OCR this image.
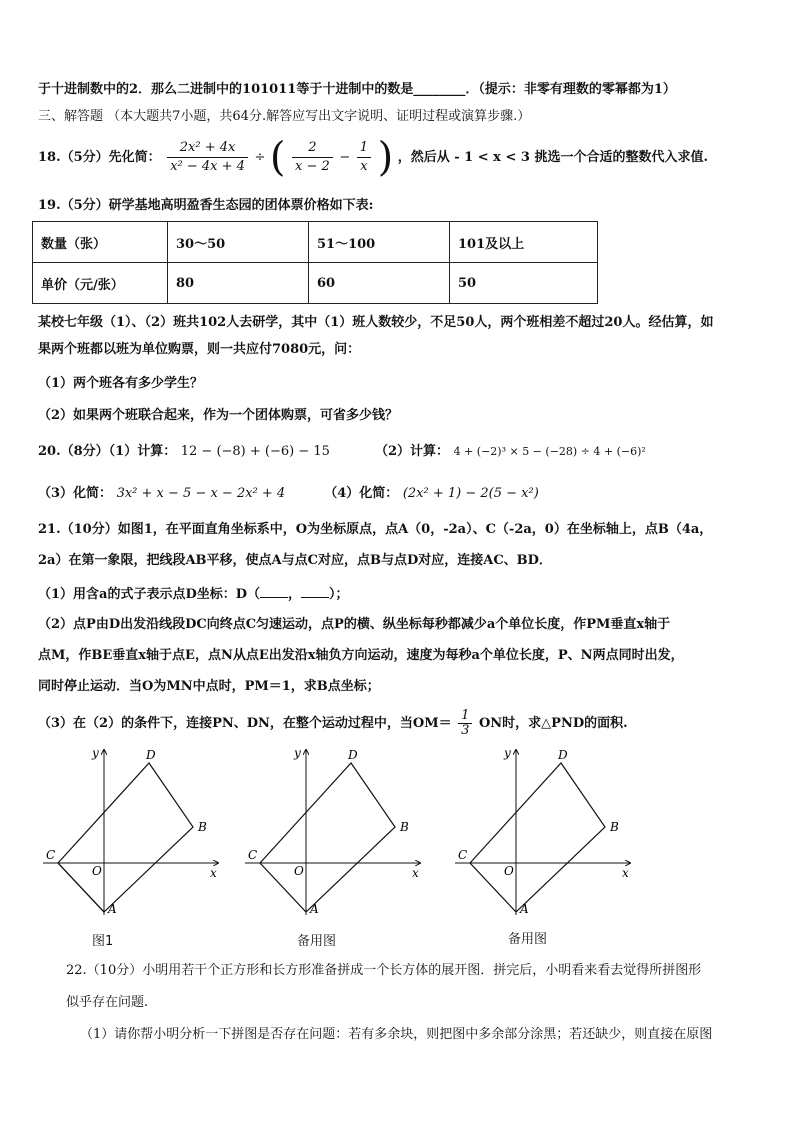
于十进制数中的2．那么二进制中的101011等于十进制中的数是________．（提示：非零有理数的零幂都为1）
三、解答题 （本大题共7小题，共64分.解答应写出文字说明、证明过程或演算步骤.）
18.（5分）先化简： $\frac{\text{2x² + 4x}}{\text{x² − 4x + 4}}$ ÷ ( $\frac{2}{x - 2} - \frac{1}{x}$ ) ，然后从 - 1 < x < 3 挑选一个合适的整数代入求值.
19.（5分）研学基地高明盈香生态园的团体票价格如下表:
数量（张）	30～50	51～100	101及以上
单价（元/张）	80	60	50
某校七年级（1）、（2）班共102人去研学，其中（1）班人数较少，不足50人，两个班相差不超过20人。经估算，如
果两个班都以班为单位购票，则一共应付7080元，问：
（1）两个班各有多少学生？
（2）如果两个班联合起来，作为一个团体购票，可省多少钱？
20.（8分）（1）计算： 12 − (−8) + (−6) − 15	（2）计算： 4 + (−2)³ × 5 − (−28) ÷ 4 + (−6)²
（3）化简： 3x² + x − 5 − x − 2x² + 4	（4）化简： (2x² + 1) − 2(5 − x²)
21.（10分）如图1，在平面直角坐标系中，O为坐标原点，点A（0，-2a）、C（-2a，0）在坐标轴上，点B（4a，
2a）在第一象限，把线段AB平移，使点A与点C对应，点B与点D对应，连接AC、BD．
（1）用含a的式子表示点D坐标：D（ ， ）；
（2）点P由D出发沿线段DC向终点C匀速运动，点P的横、纵坐标每秒都减少a个单位长度，作PM垂直x轴于
点M，作BE垂直x轴于点E，点N从点E出发沿x轴负方向运动，速度为每秒a个单位长度，P、N两点同时出发，
同时停止运动．当O为MN中点时，PM＝1，求B点坐标；
（3）在（2）的条件下，连接PN、DN，在整个运动过程中，当$OM= \frac{1}{3}$ ON时，求△PND的面积.
y
x
O
A
B
C
D
图1
y
x
O
A
B
C
D
备用图
y
x
O
A
B
C
D
备用图
22.（10分）小明用若干个正方形和长方形准备拼成一个长方体的展开图．拼完后，小明看来看去觉得所拼图形
似乎存在问题.
（1）请你帮小明分析一下拼图是否存在问题：若有多余块，则把图中多余部分涂黑；若还缺少，则直接在原图
